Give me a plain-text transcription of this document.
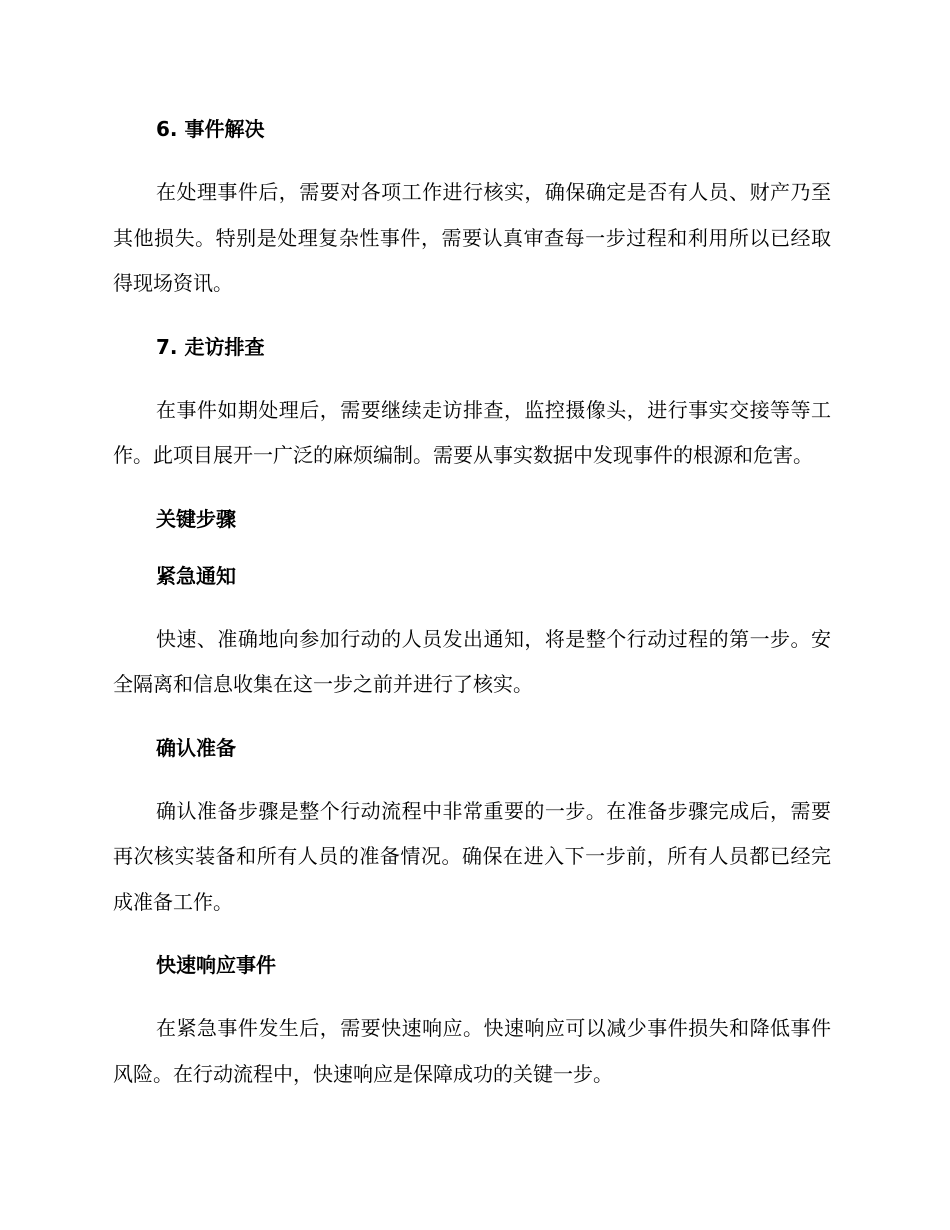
6. 事件解决

在处理事件后，需要对各项工作进行核实，确保确定是否有人员、财产乃至其他损失。特别是处理复杂性事件，需要认真审查每一步过程和利用所以已经取得现场资讯。

7. 走访排查

在事件如期处理后，需要继续走访排查，监控摄像头，进行事实交接等等工作。此项目展开一广泛的麻烦编制。需要从事实数据中发现事件的根源和危害。

关键步骤
紧急通知

快速、准确地向参加行动的人员发出通知，将是整个行动过程的第一步。安全隔离和信息收集在这一步之前并进行了核实。

确认准备

确认准备步骤是整个行动流程中非常重要的一步。在准备步骤完成后，需要再次核实装备和所有人员的准备情况。确保在进入下一步前，所有人员都已经完成准备工作。

快速响应事件

在紧急事件发生后，需要快速响应。快速响应可以减少事件损失和降低事件风险。在行动流程中，快速响应是保障成功的关键一步。
